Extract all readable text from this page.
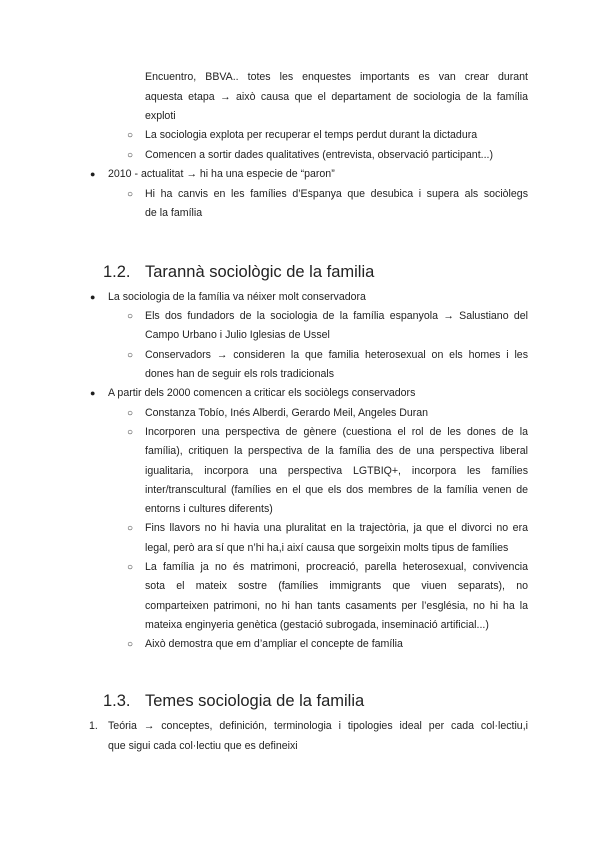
Encuentro, BBVA.. totes les enquestes importants es van crear durant
aquesta etapa → això causa que el departament de sociologia de la família
exploti
○ La sociologia explota per recuperar el temps perdut durant la dictadura
○ Comencen a sortir dades qualitatives (entrevista, observació participant...)
● 2010 - actualitat → hi ha una especie de “paron”
○ Hi ha canvis en les famílies d’Espanya que desubica i supera als sociòlegs
de la família
1.2. Tarannà sociològic de la familia
● La sociologia de la família va néixer molt conservadora
○ Els dos fundadors de la sociologia de la família espanyola → Salustiano del
Campo Urbano i Julio Iglesias de Ussel
○ Conservadors → consideren la que familia heterosexual on els homes i les
dones han de seguir els rols tradicionals
● A partir dels 2000 comencen a criticar els sociòlegs conservadors
○ Constanza Tobío, Inés Alberdi, Gerardo Meil, Angeles Duran
○ Incorporen una perspectiva de gènere (cuestiona el rol de les dones de la
família), critiquen la perspectiva de la família des de una perspectiva liberal
igualitaria, incorpora una perspectiva LGTBIQ+, incorpora les famílies
inter/transcultural (famílies en el que els dos membres de la família venen de
entorns i cultures diferents)
○ Fins llavors no hi havia una pluralitat en la trajectòria, ja que el divorci no era
legal, però ara sí que n’hi ha,i així causa que sorgeixin molts tipus de famílies
○ La família ja no és matrimoni, procreació, parella heterosexual, convivencia
sota el mateix sostre (famílies immigrants que viuen separats), no
comparteixen patrimoni, no hi han tants casaments per l’església, no hi ha la
mateixa enginyeria genètica (gestació subrogada, inseminació artificial...)
○ Això demostra que em d’ampliar el concepte de família
1.3. Temes sociologia de la familia
1. Teória → conceptes, definición, terminologia i tipologies ideal per cada col·lectiu,i
que sigui cada col·lectiu que es defineixi
